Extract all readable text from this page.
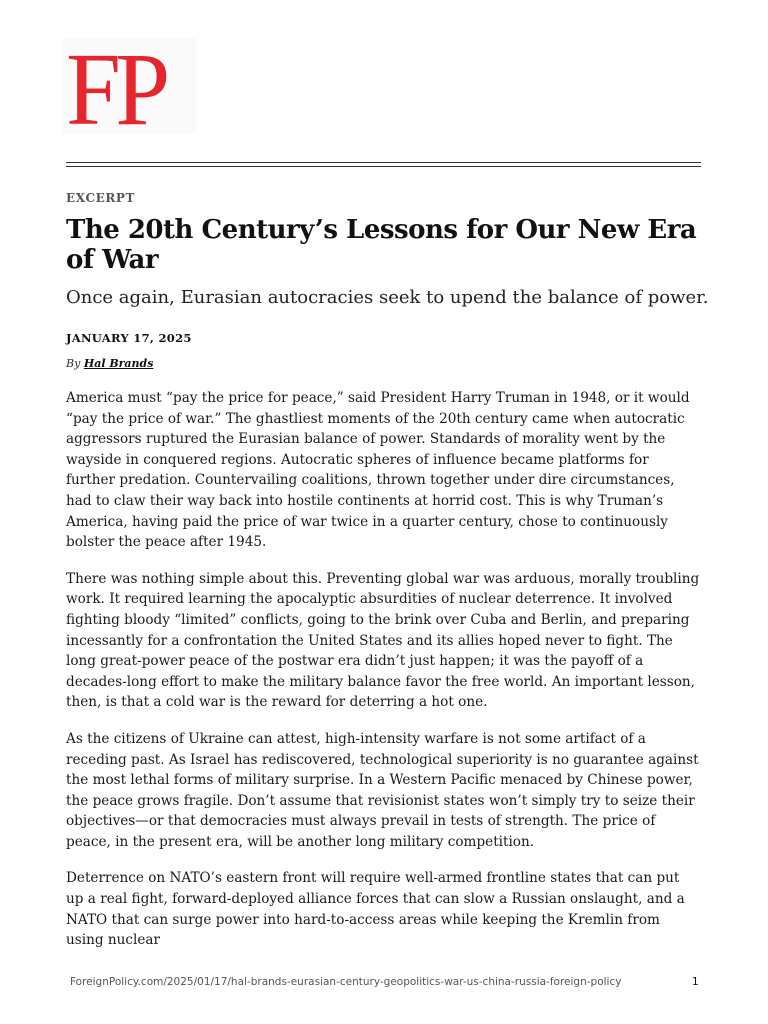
FP
EXCERPT
The 20th Century’s Lessons for Our New Era of War

Once again, Eurasian autocracies seek to upend the balance of power.

JANUARY 17, 2025
By Hal Brands

America must “pay the price for peace,” said President Harry Truman in 1948, or it would “pay the price of war.” The ghastliest moments of the 20th century came when autocratic aggressors ruptured the Eurasian balance of power. Standards of morality went by the wayside in conquered regions. Autocratic spheres of influence became platforms for further predation. Countervailing coalitions, thrown together under dire circumstances, had to claw their way back into hostile continents at horrid cost. This is why Truman’s America, having paid the price of war twice in a quarter century, chose to continuously bolster the peace after 1945.

There was nothing simple about this. Preventing global war was arduous, morally troubling work. It required learning the apocalyptic absurdities of nuclear deterrence. It involved fighting bloody “limited” conflicts, going to the brink over Cuba and Berlin, and preparing incessantly for a confrontation the United States and its allies hoped never to fight. The long great-power peace of the postwar era didn’t just happen; it was the payoff of a decades-long effort to make the military balance favor the free world. An important lesson, then, is that a cold war is the reward for deterring a hot one.

As the citizens of Ukraine can attest, high-intensity warfare is not some artifact of a receding past. As Israel has rediscovered, technological superiority is no guarantee against the most lethal forms of military surprise. In a Western Pacific menaced by Chinese power, the peace grows fragile. Don’t assume that revisionist states won’t simply try to seize their objectives—or that democracies must always prevail in tests of strength. The price of peace, in the present era, will be another long military competition.

Deterrence on NATO’s eastern front will require well-armed frontline states that can put up a real fight, forward-deployed alliance forces that can slow a Russian onslaught, and a NATO that can surge power into hard-to-access areas while keeping the Kremlin from using nuclear

ForeignPolicy.com/2025/01/17/hal-brands-eurasian-century-geopolitics-war-us-china-russia-foreign-policy	1
